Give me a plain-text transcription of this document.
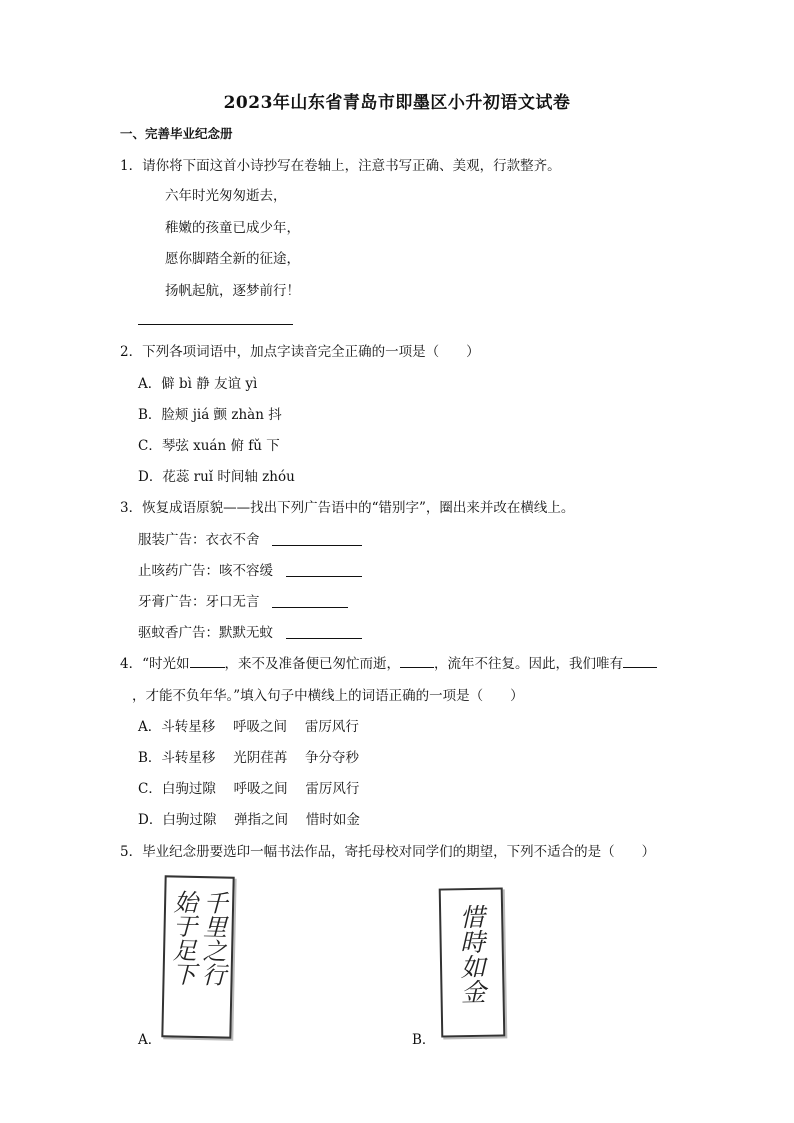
2023年山东省青岛市即墨区小升初语文试卷
一、完善毕业纪念册
1．请你将下面这首小诗抄写在卷轴上，注意书写正确、美观，行款整齐。
六年时光匆匆逝去，
稚嫩的孩童已成少年，
愿你脚踏全新的征途，
扬帆起航，逐梦前行！
2．下列各项词语中，加点字读音完全正确的一项是（　　）
A．僻 bì 静 友谊 yì
B．脸颊 jiá 颤 zhàn 抖
C．琴弦 xuán 俯 fǔ 下
D．花蕊 ruǐ 时间轴 zhóu
3．恢复成语原貌——找出下列广告语中的“错别字”，圈出来并改在横线上。
服装广告：衣衣不舍
止咳药广告：咳不容缓
牙膏广告：牙口无言
驱蚊香广告：默默无蚊
4．“时光如	，来不及准备便已匆忙而逝，	，流年不往复。因此，我们唯有
，才能不负年华。”填入句子中横线上的词语正确的一项是（　　）
A．斗转星移　 呼吸之间　 雷厉风行
B．斗转星移　 光阴荏苒　 争分夺秒
C．白驹过隙　 呼吸之间　 雷厉风行
D．白驹过隙　 弹指之间　 惜时如金
5．毕业纪念册要选印一幅书法作品，寄托母校对同学们的期望，下列不适合的是（　　）
千里之行
始于足下
A．
惜時如金
B．
